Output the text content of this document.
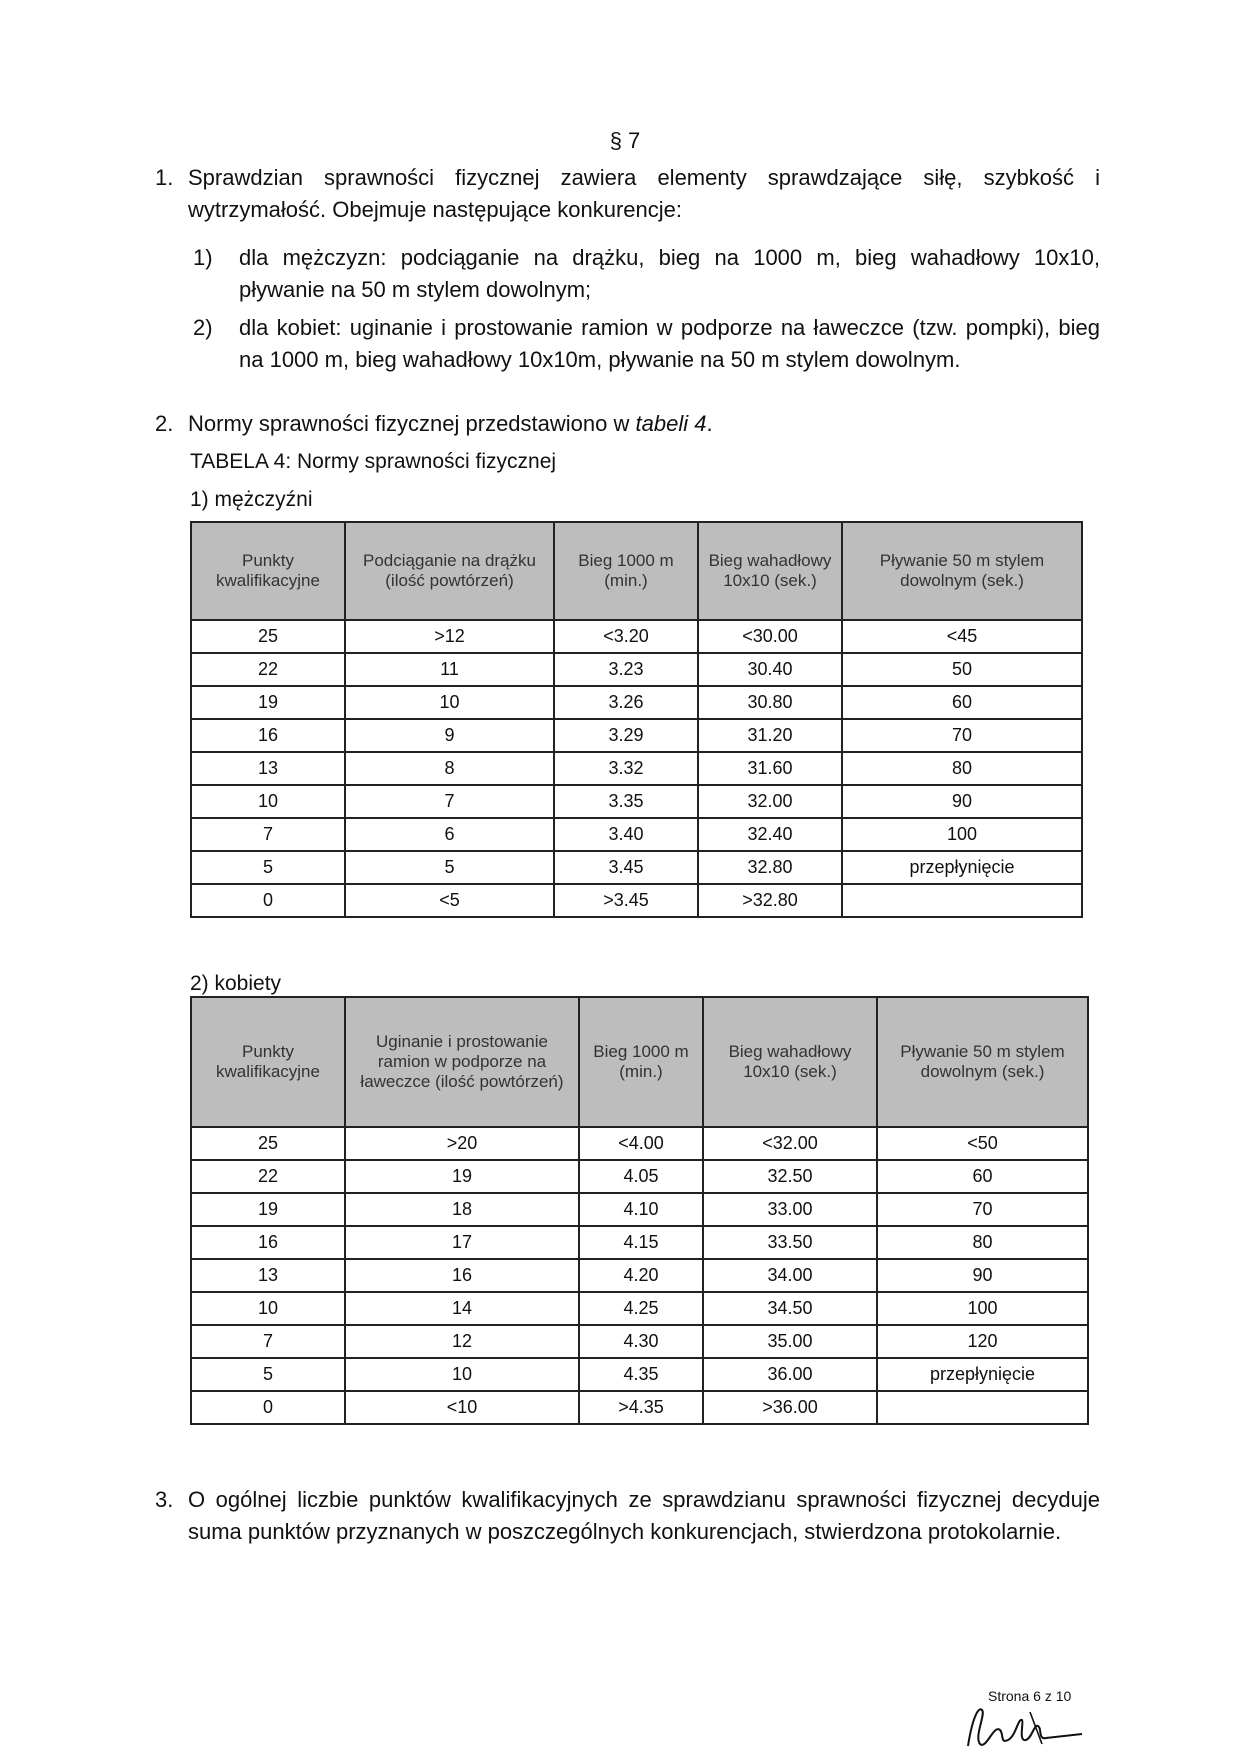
§ 7
1. Sprawdzian sprawności fizycznej zawiera elementy sprawdzające siłę, szybkość i wytrzymałość. Obejmuje następujące konkurencje:
1) dla mężczyzn: podciąganie na drążku, bieg na 1000 m, bieg wahadłowy 10x10, pływanie na 50 m stylem dowolnym;
2) dla kobiet: uginanie i prostowanie ramion w podporze na ławeczce (tzw. pompki), bieg na 1000 m, bieg wahadłowy 10x10m, pływanie na 50 m stylem dowolnym.
2. Normy sprawności fizycznej przedstawiono w tabeli 4.
TABELA 4: Normy sprawności fizycznej
1) mężczyźni
Punkty kwalifikacyjne	Podciąganie na drążku (ilość powtórzeń)	Bieg 1000 m (min.)	Bieg wahadłowy 10x10 (sek.)	Pływanie 50 m stylem dowolnym (sek.)
25	>12	<3.20	<30.00	<45
22	11	3.23	30.40	50
19	10	3.26	30.80	60
16	9	3.29	31.20	70
13	8	3.32	31.60	80
10	7	3.35	32.00	90
7	6	3.40	32.40	100
5	5	3.45	32.80	przepłynięcie
0	<5	>3.45	>32.80	
2) kobiety
Punkty kwalifikacyjne	Uginanie i prostowanie ramion w podporze na ławeczce (ilość powtórzeń)	Bieg 1000 m (min.)	Bieg wahadłowy 10x10 (sek.)	Pływanie 50 m stylem dowolnym (sek.)
25	>20	<4.00	<32.00	<50
22	19	4.05	32.50	60
19	18	4.10	33.00	70
16	17	4.15	33.50	80
13	16	4.20	34.00	90
10	14	4.25	34.50	100
7	12	4.30	35.00	120
5	10	4.35	36.00	przepłynięcie
0	<10	>4.35	>36.00	
3. O ogólnej liczbie punktów kwalifikacyjnych ze sprawdzianu sprawności fizycznej decyduje suma punktów przyznanych w poszczególnych konkurencjach, stwierdzona protokolarnie.
Strona 6 z 10
